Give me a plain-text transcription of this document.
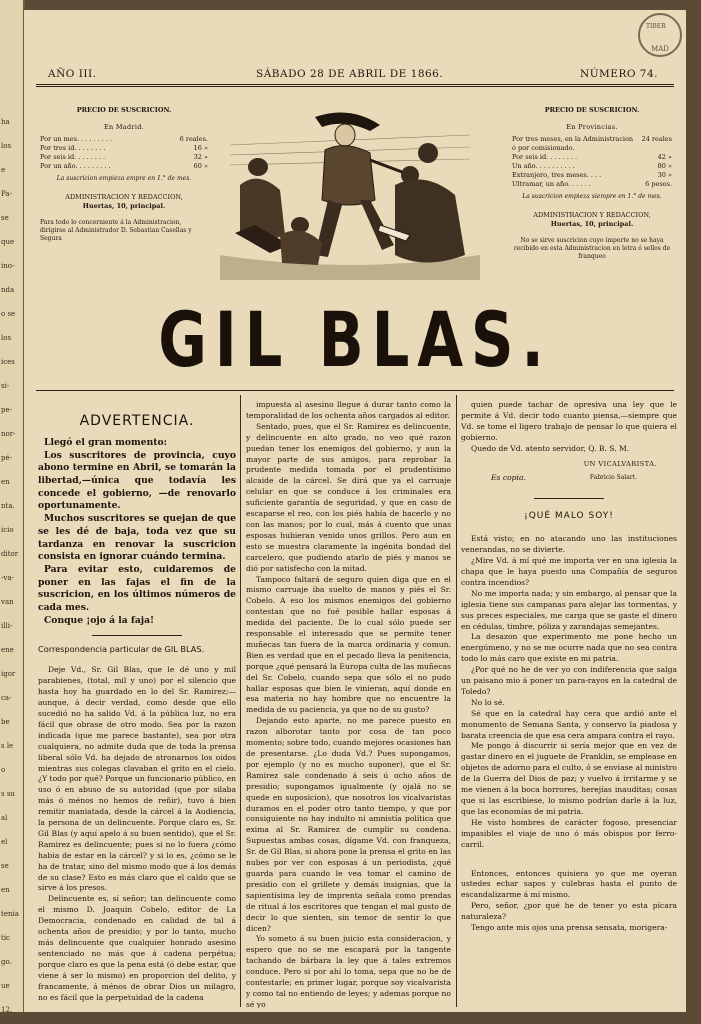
ha
los
e
Pa-
se
que
ino-
nda
o se
los
ices
si-
pe-
nor-
pé-
en
nta.
icio
ditor
-va-
van
illi-
ene
igor
ca-
be
s le
o
s su
al
el
se
en
tenia
tic
go.
ue
12.
TIBER
MAD
AÑO III.	SÁBADO 28 DE ABRIL DE 1866.	NÚMERO 74.
PRECIO DE SUSCRICION.
En Madrid.
Por un mes. . . . . . . . .	6 reales.
Por tres id. . . . . . . .	16 »
Por seis id. . . . . . . .	32 »
Por un año. . . . . . . . .	60 »
La suscricion empieza empre en 1.° de mes.
ADMINISTRACION Y REDACCION,
Huertas, 10, principal.
Para todo lo concerniente á la Administracion, dirigirse al Administrador D. Sebastian Casellas y Segura
PRECIO DE SUSCRICION.
En Provincias.
Por tres meses, en la Administracion ó por comisionado.
24 reales
Por seis id. . . . . . . .	42 »
Un año. . . . . . . . . .	80 »
Extranjero, tres meses. . . .	30 »
Ultramar, un año. . . . . .	6 pesos.
La suscricion empieza siempre en 1.° de mes.
ADMINISTRACION Y REDACCION,
Huertas, 10, principal.
No se sirve suscricion cuyo importe no se haya recibido en esta Administracion en letra ó sellos de franqueo
GIL BLAS.
ADVERTENCIA.

Llegó el gran momento:

Los suscritores de provincia, cuyo abono termine en Abril, se tomarán la libertad,—única que todavía les concede el gobierno, —de renovarlo oportunamente.

Muchos suscritores se quejan de que se les dé de baja, toda vez que su tardanza en renovar la suscricion consista en ignorar cuándo termina.

Para evitar esto, cuidaremos de poner en las fajas el fin de la suscricion, en los últimos números de cada mes.

Conque ¡ojo á la faja!

Correspondencia particular de GIL BLAS.

Deje Vd., Sr. Gil Blas, que le dé uno y mil parabienes, (total, mil y uno) por el silencio que hasta hoy ha guardado en lo del Sr. Ramirez;—aunque, á decir verdad, como desde que ello sucedió no ha salido Vd. á la pública luz, no era fácil que obrase de otro modo. Sea por la razon indicada (que me parece bastante), sea por otra cualquiera, no admite duda que de toda la prensa liberal sólo Vd. ha dejado de atronarnos los oidos mientras sus colegas clavaban el grito en el cielo. ¿Y todo por qué? Porque un funcionario público, en uso ó en abuso de su autoridad (que por silaba más ó ménos no hemos de reñir), tuvo á bien remitir maniatada, desde la cárcel á la Audiencia, la persona de un delincuente. Porque claro es, Sr. Gil Blas (y aquí apelo á su buen sentido), que el Sr. Ramirez es delincuente; pues si no lo fuera ¿cómo habia de estar en la cárcel? y si lo es, ¿cómo se le ha de tratar, sino del mismo modo que á los demás de su clase? Esto es más claro que el caldo que se sirve á los presos.

Delincuente es, sí señor; tan delincuente como el mismo D. Joaquin Cobelo, editor de La Democracia, condenado en calidad de tal á ochenta años de presidio; y por lo tanto, mucho más delincuente que cualquier honrado asesino sentenciado no más que á cadena perpétua; porque claro es que la pena está (ó debe estar, que viene á ser lo mismo) en proporcion del delito, y francamente, á ménos de obrar Dios un milagro, no es fácil que la perpetuidad de la cadena

impuesta al asesino llegue á durar tanto como la temporalidad de los ochenta años cargados al editor.

Sentado, pues, que el Sr. Ramirez es delincuente, y delincuente en alto grado, no veo qué razon puedan tener los enemigos del gobierno, y aun la mayor parte de sus amigos, para reprobar la prudente medida tomada por el prudentísimo alcaide de la cárcel. Se dirá que ya el carruaje celular en que se conduce á los criminales era suficiente garantía de seguridad, y que en caso de escaparse el reo, con los piés había de hacerlo y no con las manos; por lo cual, más á cuento que unas esposas hubieran venido unos grillos. Pero aun en esto se muestra claramente la ingénita bondad del carcelero, que pudiendo atarlo de piés y manos se dió por satisfecho con la mitad.

Tampoco faltará de seguro quien diga que en el mismo carruaje iba suelto de manos y piés el Sr. Cobelo. A eso los mismos enemigos del gobierno contestan que no fué posible hallar esposas á medida del paciente. De lo cual sólo puede ser responsable el interesado que se permite tener muñecas tan fuera de la marca ordinaria y comun. Bien es verdad que en el pecado lleva la penitencia, porque ¿qué pensará la Europa culta de las muñecas del Sr. Cobelo, cuando sepa que sólo el no pudo hallar esposas que bien le vinieran, aquí donde en esa materia no hay hombre que no encuentre la medida de su paciencia, ya que no de su gusto?

Dejando esto aparte, no me parece puesto en razon alborotar tanto por cosa de tan poco momento; sobre todo, cuando mejores ocasiones han de presentarse. ¿Lo duda Vd.? Pues supongamos, por ejemplo (y no es mucho suponer), que el Sr. Ramirez sale condenado á seis ú ocho años de presidio; supongamos igualmente (y ojalá no se quede en suposicion), que nosotros los vicalvaristas duramos en el poder otro tanto tiempo, y que por consiguiente no hay indulto ni amnistía política que exima al Sr. Ramirez de cumplir su condena. Supuestas ambas cosas, dígame Vd. con franqueza, Sr. de Gil Blas, si ahora pone la prensa el grito en las nubes por ver con esposas á un periodista, ¿qué guarda para cuando le vea tomar el camino de presidio con el grillete y demás insignias, que la sapientísima ley de imprenta señala como prendas de ritual á los escritores que tengan el mal gusto de decir lo que sienten, sin temor de sentir lo que dicen?

Yo someto á su buen juicio esta consideracion, y espero que no se me escapará por la tangente tachando de bárbara la ley que á tales extremos conduce. Pero si por ahí lo toma, sepa que no he de contestarle; en primer lugar, porque soy vicalvarista y como tal no entiendo de leyes; y ademas porque no sé yo

quien puede tachar de opresiva una ley que le permite á Vd. decir todo cuanto piensa,—siempre que Vd. se tome el ligero trabajo de pensar lo que quiera el gobierno.

Quedo de Vd. atento servidor, Q. B. S. M.

UN VICALVARISTA.
Es copia.	Fabricio Salart.
¡QUÉ MALO SOY!

Está visto; en no atacando uno las instituciones venerandas, no se divierte.

¿Mire Vd. á mí qué me importa ver en una iglesia la chapa que le haya puesto una Compañía de seguros contra incendios?

No me importa nada; y sin embargo, al pensar que la iglesia tiene sus campanas para alejar las tormentas, y sus preces especiales, me carga que se gaste el dinero en cédulas, timbre, póliza y zarandajas semejantes.

La desazon que experimento me pone hecho un energúmeno, y no se me ocurre nada que no sea contra todo lo más caro que existe en mi patria.

¿Por qué no he de ver yo con indiferencia que salga un paisano mio á poner un para-rayos en la catedral de Toledo?

No lo sé.

Sé que en la catedral hay cera que ardió ante el monumento de Semana Santa, y conservo la piadosa y barata creencia de que esa cera ampara contra el rayo.

Me pongo á discurrir si sería mejor que en vez de gastar dinero en el juguete de Franklin, se emplease en objetos de adorno para el culto, ó se enviase al ministro de la Guerra del Dios de paz; y vuelvo á irritarme y se me vienen á la boca horrores, herejías inauditas; cosas que si las escribiese, lo mismo podrían darle á la luz, que las economías de mi patria.

He visto hombres de carácter fogoso, presenciar impasibles el viaje de uno ó más obispos por ferro-carril.

Entonces, entonces quisiera yo que me oyeran ustedes echar sapos y culebras hasta el punto de escandalizarme á mí mismo.

Pero, señor, ¿por qué he de tener yo esta pícara naturaleza?

Tengo ante mis ojos una prensa sensata, morigera-
